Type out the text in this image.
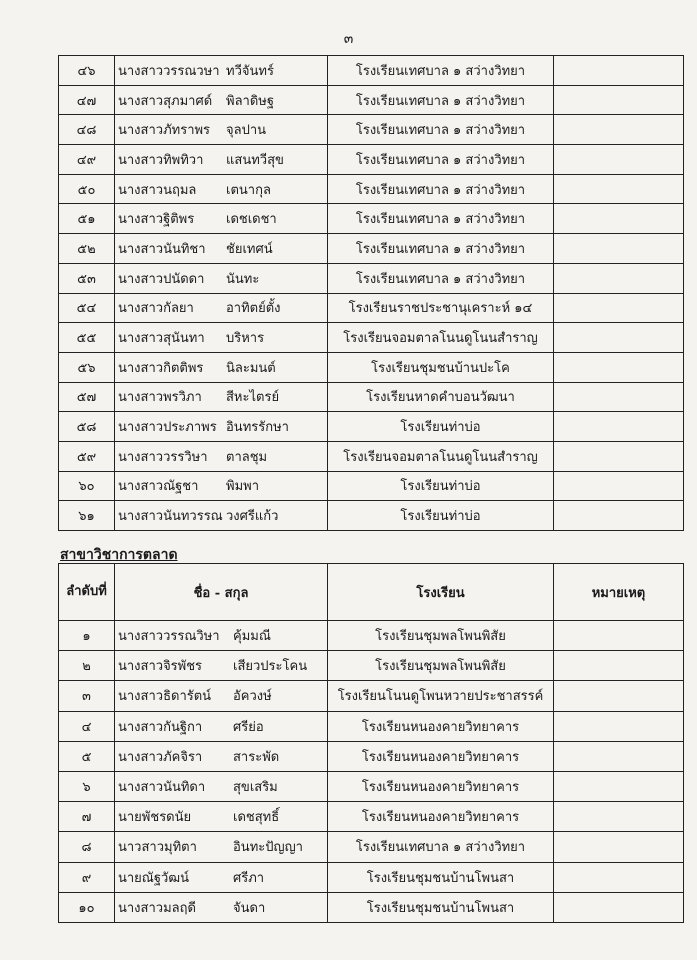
๓
๔๖	นางสาววรรณวษา ทวีจันทร์	โรงเรียนเทศบาล ๑ สว่างวิทยา	
๔๗	นางสาวสุภมาศด์ พิลาดิษฐ	โรงเรียนเทศบาล ๑ สว่างวิทยา	
๔๘	นางสาวภัทราพร จุลปาน	โรงเรียนเทศบาล ๑ สว่างวิทยา	
๔๙	นางสาวทิพทิวา แสนทวีสุข	โรงเรียนเทศบาล ๑ สว่างวิทยา	
๕๐	นางสาวนฤมล เตนากุล	โรงเรียนเทศบาล ๑ สว่างวิทยา	
๕๑	นางสาวฐิติพร เดชเดชา	โรงเรียนเทศบาล ๑ สว่างวิทยา	
๕๒	นางสาวนันทิชา ชัยเทศน์	โรงเรียนเทศบาล ๑ สว่างวิทยา	
๕๓	นางสาวปนัดดา นันทะ	โรงเรียนเทศบาล ๑ สว่างวิทยา	
๕๔	นางสาวกัลยา อาทิตย์ตั้ง	โรงเรียนราชประชานุเคราะห์ ๑๔	
๕๕	นางสาวสุนันทา บริหาร	โรงเรียนจอมตาลโนนดูโนนสำราญ	
๕๖	นางสาวกิตติพร นิละมนต์	โรงเรียนชุมชนบ้านปะโค	
๕๗	นางสาวพรวิภา สีหะไตรย์	โรงเรียนหาดคำบอนวัฒนา	
๕๘	นางสาวประภาพร อินทรรักษา	โรงเรียนท่าบ่อ	
๕๙	นางสาววรรวิษา ตาลชุม	โรงเรียนจอมตาลโนนดูโนนสำราญ	
๖๐	นางสาวณัฐชา พิมพา	โรงเรียนท่าบ่อ	
๖๑	นางสาวนันทวรรณ วงศรีแก้ว	โรงเรียนท่าบ่อ	
สาขาวิชาการตลาด
ลำดับที่	ชื่อ - สกุล	โรงเรียน	หมายเหตุ
๑	นางสาววรรณวิษา คุ้มมณี	โรงเรียนชุมพลโพนพิสัย	
๒	นางสาวจิรพัชร เสียวประโคน	โรงเรียนชุมพลโพนพิสัย	
๓	นางสาวธิดารัตน์ อัควงษ์	โรงเรียนโนนดูโพนหวายประชาสรรค์	
๔	นางสาวกันฐิกา ศรีย่อ	โรงเรียนหนองคายวิทยาคาร	
๕	นางสาวภัคจิรา สาระพัด	โรงเรียนหนองคายวิทยาคาร	
๖	นางสาวนันทิดา สุขเสริม	โรงเรียนหนองคายวิทยาคาร	
๗	นายพัชรดนัย เดชสุทธิ์	โรงเรียนหนองคายวิทยาคาร	
๘	นาวสาวมุทิตา อินทะปัญญา	โรงเรียนเทศบาล ๑ สว่างวิทยา	
๙	นายณัฐวัฒน์ ศรีภา	โรงเรียนชุมชนบ้านโพนสา	
๑๐	นางสาวมลฤดี จันดา	โรงเรียนชุมชนบ้านโพนสา	
